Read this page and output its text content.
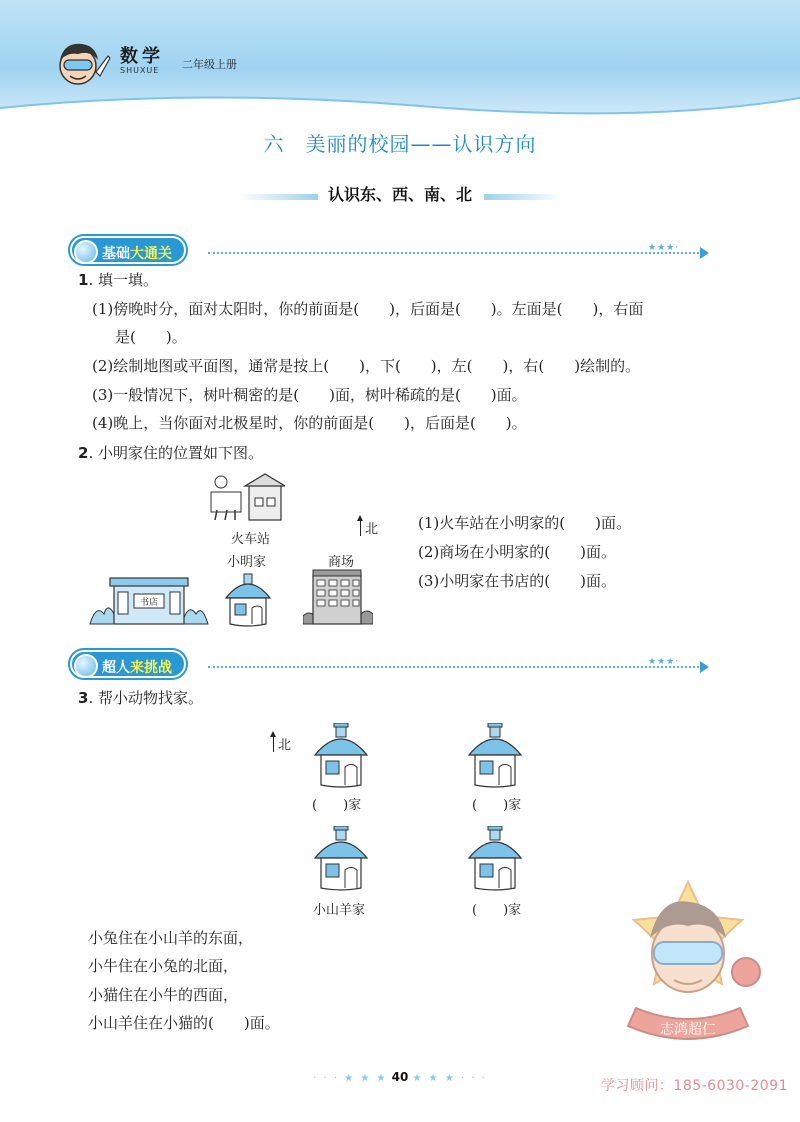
数学
SHUXUE	二年级上册
六　美丽的校园——认识方向
认识东、西、南、北
基础大通关	★★★·
1. 填一填。
(1)傍晚时分，面对太阳时，你的前面是(　　)，后面是(　　)。左面是(　　)，右面
是(　　)。
(2)绘制地图或平面图，通常是按上(　　)，下(　　)，左(　　)，右(　　)绘制的。
(3)一般情况下，树叶稠密的是(　　)面，树叶稀疏的是(　　)面。
(4)晚上，当你面对北极星时，你的前面是(　　)，后面是(　　)。
2. 小明家住的位置如下图。
火车站
小明家	商场
北
书店
(1)火车站在小明家的(　　)面。
(2)商场在小明家的(　　)面。
(3)小明家在书店的(　　)面。
超人来挑战	★★★·
3. 帮小动物找家。
北
(　　)家	(　　)家
小山羊家	(　　)家
小兔住在小山羊的东面，
小牛住在小兔的北面，
小猫住在小牛的西面，
小山羊住在小猫的(　　)面。	志鸿超仁
· · · ★ ★ ★ 40 ★ ★ ★ · · ·	学习顾问：185-6030-2091
